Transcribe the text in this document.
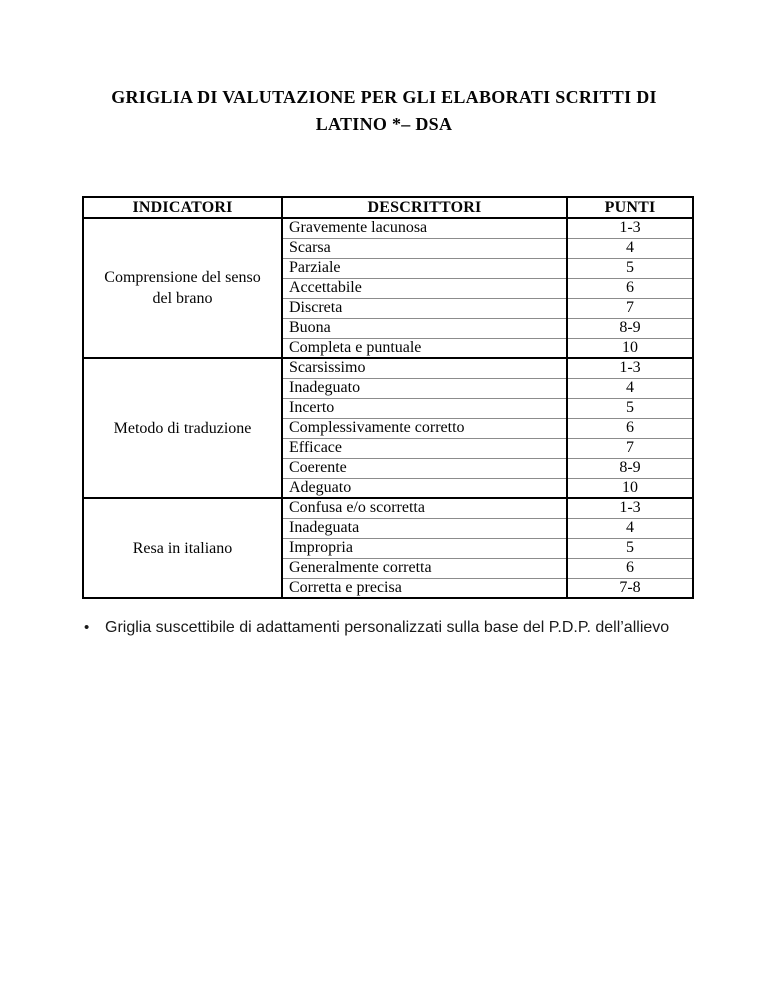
GRIGLIA DI VALUTAZIONE PER GLI ELABORATI SCRITTI DI
LATINO *– DSA
INDICATORI	DESCRITTORI	PUNTI
Comprensione del senso del brano	Gravemente lacunosa	1-3
	Scarsa	4
	Parziale	5
	Accettabile	6
	Discreta	7
	Buona	8-9
	Completa e puntuale	10
Metodo di traduzione	Scarsissimo	1-3
	Inadeguato	4
	Incerto	5
	Complessivamente corretto	6
	Efficace	7
	Coerente	8-9
	Adeguato	10
Resa in italiano	Confusa e/o scorretta	1-3
	Inadeguata	4
	Impropria	5
	Generalmente corretta	6
	Corretta e precisa	7-8
• Griglia suscettibile di adattamenti personalizzati sulla base del P.D.P. dell’allievo
